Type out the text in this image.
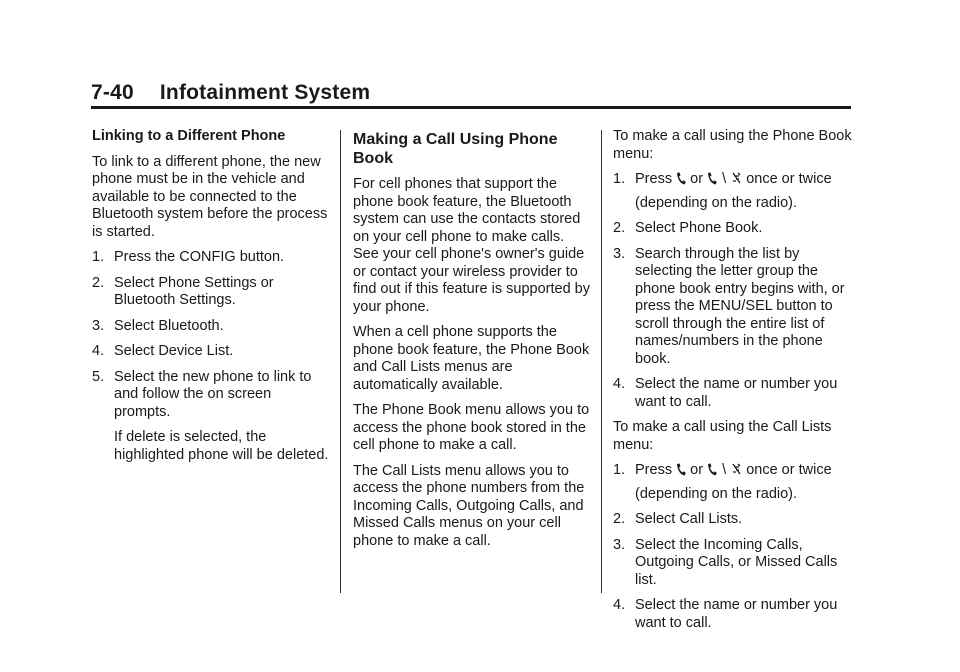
7-40 Infotainment System

Linking to a Different Phone

To link to a different phone, the new phone must be in the vehicle and available to be connected to the Bluetooth system before the process is started.

1. Press the CONFIG button.
2. Select Phone Settings or Bluetooth Settings.
3. Select Bluetooth.
4. Select Device List.
5. Select the new phone to link to and follow the on screen prompts.

If delete is selected, the highlighted phone will be deleted.

Making a Call Using Phone Book

For cell phones that support the phone book feature, the Bluetooth system can use the contacts stored on your cell phone to make calls. See your cell phone's owner's guide or contact your wireless provider to find out if this feature is supported by your phone.

When a cell phone supports the phone book feature, the Phone Book and Call Lists menus are automatically available.

The Phone Book menu allows you to access the phone book stored in the cell phone to make a call.

The Call Lists menu allows you to access the phone numbers from the Incoming Calls, Outgoing Calls, and Missed Calls menus on your cell phone to make a call.

To make a call using the Phone Book menu:

1. Press or \ once or twice
(depending on the radio).
2. Select Phone Book.
3. Search through the list by selecting the letter group the phone book entry begins with, or press the MENU/SEL button to scroll through the entire list of names/numbers in the phone book.
4. Select the name or number you want to call.

To make a call using the Call Lists menu:

1. Press or \ once or twice
(depending on the radio).
2. Select Call Lists.
3. Select the Incoming Calls, Outgoing Calls, or Missed Calls list.
4. Select the name or number you want to call.
